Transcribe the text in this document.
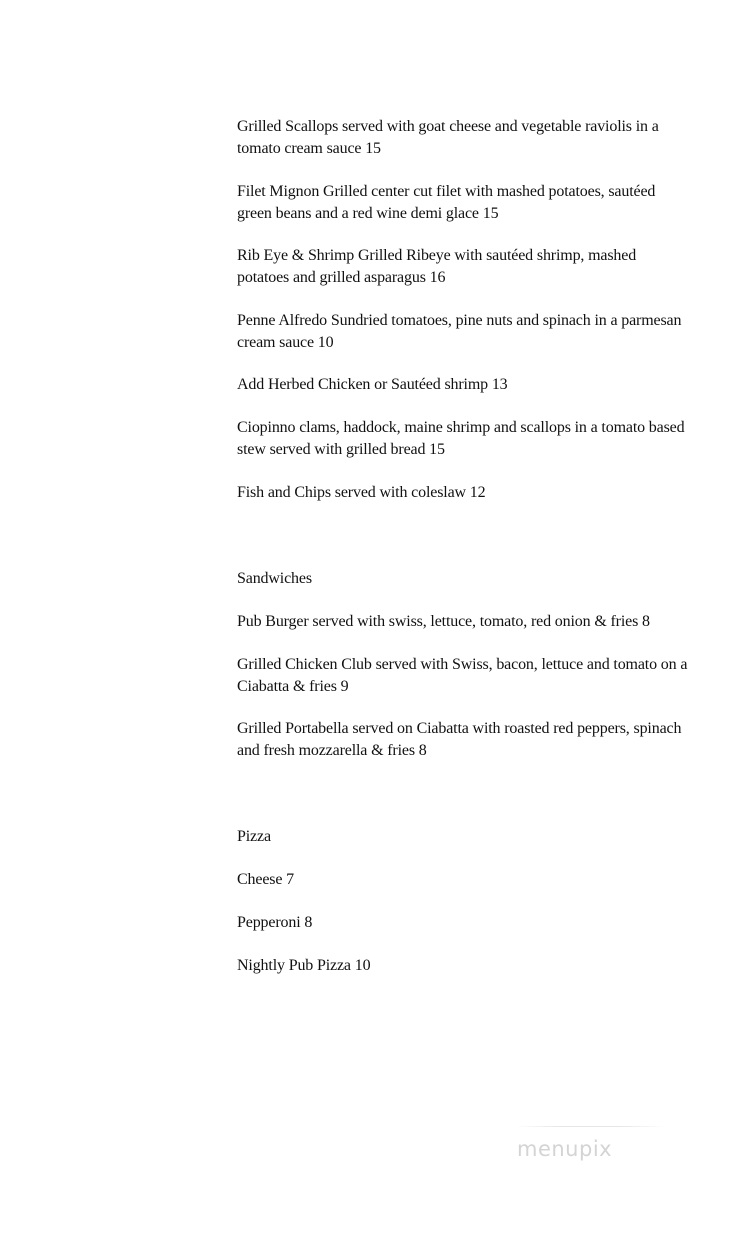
Grilled Scallops served with goat cheese and vegetable raviolis in a
tomato cream sauce 15
Filet Mignon Grilled center cut filet with mashed potatoes, sautéed
green beans and a red wine demi glace 15
Rib Eye & Shrimp Grilled Ribeye with sautéed shrimp, mashed
potatoes and grilled asparagus 16
Penne Alfredo Sundried tomatoes, pine nuts and spinach in a parmesan
cream sauce 10
Add Herbed Chicken or Sautéed shrimp 13
Ciopinno clams, haddock, maine shrimp and scallops in a tomato based
stew served with grilled bread 15
Fish and Chips served with coleslaw 12
Sandwiches
Pub Burger served with swiss, lettuce, tomato, red onion & fries 8
Grilled Chicken Club served with Swiss, bacon, lettuce and tomato on a
Ciabatta & fries 9
Grilled Portabella served on Ciabatta with roasted red peppers, spinach
and fresh mozzarella & fries 8
Pizza
Cheese 7
Pepperoni 8
Nightly Pub Pizza 10
menupix
